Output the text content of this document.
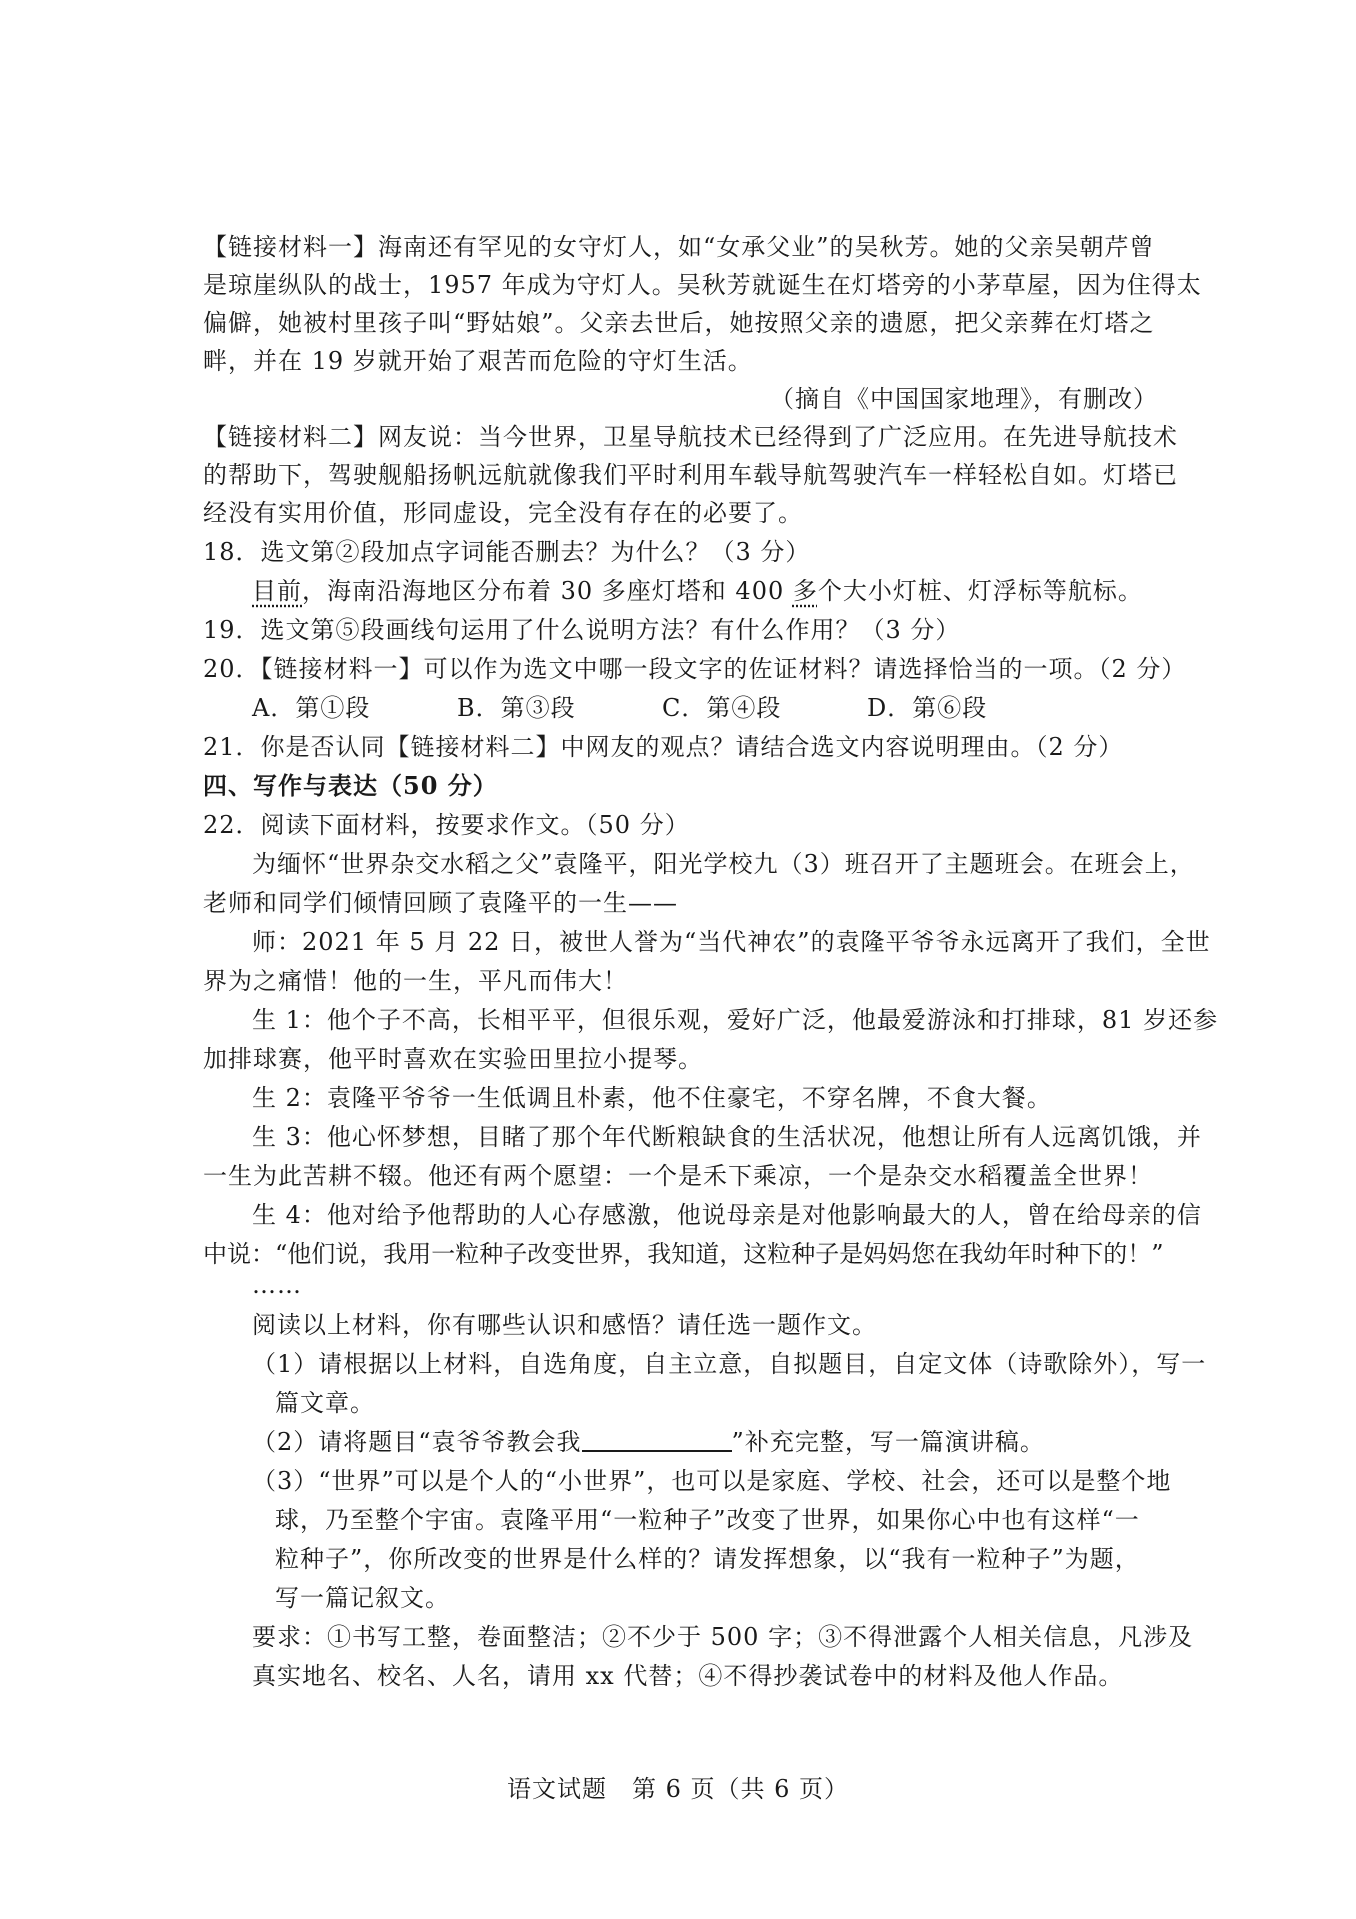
【链接材料一】海南还有罕见的女守灯人，如“女承父业”的吴秋芳。她的父亲吴朝芹曾
是琼崖纵队的战士，1957 年成为守灯人。吴秋芳就诞生在灯塔旁的小茅草屋，因为住得太
偏僻，她被村里孩子叫“野姑娘”。父亲去世后，她按照父亲的遗愿，把父亲葬在灯塔之
畔，并在 19 岁就开始了艰苦而危险的守灯生活。
（摘自《中国国家地理》，有删改）
【链接材料二】网友说：当今世界，卫星导航技术已经得到了广泛应用。在先进导航技术
的帮助下，驾驶舰船扬帆远航就像我们平时利用车载导航驾驶汽车一样轻松自如。灯塔已
经没有实用价值，形同虚设，完全没有存在的必要了。
18．选文第②段加点字词能否删去？为什么？（3 分）
目前，海南沿海地区分布着 30 多座灯塔和 400 多个大小灯桩、灯浮标等航标。
19．选文第⑤段画线句运用了什么说明方法？有什么作用？（3 分）
20．【链接材料一】可以作为选文中哪一段文字的佐证材料？请选择恰当的一项。（2 分）
A．第①段	B．第③段	C．第④段	D．第⑥段
21．你是否认同【链接材料二】中网友的观点？请结合选文内容说明理由。（2 分）
四、写作与表达（50 分）
22．阅读下面材料，按要求作文。（50 分）
为缅怀“世界杂交水稻之父”袁隆平，阳光学校九（3）班召开了主题班会。在班会上，
老师和同学们倾情回顾了袁隆平的一生——
师：2021 年 5 月 22 日，被世人誉为“当代神农”的袁隆平爷爷永远离开了我们，全世
界为之痛惜！他的一生，平凡而伟大！
生 1：他个子不高，长相平平，但很乐观，爱好广泛，他最爱游泳和打排球，81 岁还参
加排球赛，他平时喜欢在实验田里拉小提琴。
生 2：袁隆平爷爷一生低调且朴素，他不住豪宅，不穿名牌，不食大餐。
生 3：他心怀梦想，目睹了那个年代断粮缺食的生活状况，他想让所有人远离饥饿，并
一生为此苦耕不辍。他还有两个愿望：一个是禾下乘凉，一个是杂交水稻覆盖全世界！
生 4：他对给予他帮助的人心存感激，他说母亲是对他影响最大的人，曾在给母亲的信
中说：“他们说，我用一粒种子改变世界，我知道，这粒种子是妈妈您在我幼年时种下的！”
……
阅读以上材料，你有哪些认识和感悟？请任选一题作文。
（1）请根据以上材料，自选角度，自主立意，自拟题目，自定文体（诗歌除外），写一
篇文章。
（2）请将题目“袁爷爷教会我	”补充完整，写一篇演讲稿。
（3）“世界”可以是个人的“小世界”，也可以是家庭、学校、社会，还可以是整个地
球，乃至整个宇宙。袁隆平用“一粒种子”改变了世界，如果你心中也有这样“一
粒种子”，你所改变的世界是什么样的？请发挥想象，以“我有一粒种子”为题，
写一篇记叙文。
要求：①书写工整，卷面整洁；②不少于 500 字；③不得泄露个人相关信息，凡涉及
真实地名、校名、人名，请用 xx 代替；④不得抄袭试卷中的材料及他人作品。
语文试题　第 6 页（共 6 页）
